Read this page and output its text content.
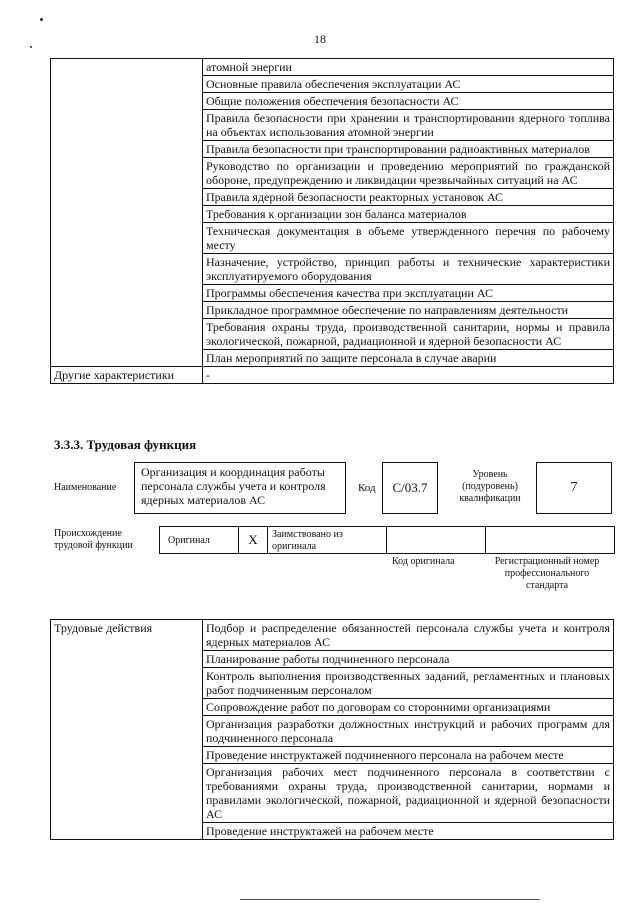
18
	атомной энергии
	Основные правила обеспечения эксплуатации АС
	Общие положения обеспечения безопасности АС
	Правила безопасности при хранении и транспортировании ядерного топлива на объектах использования атомной энергии
	Правила безопасности при транспортировании радиоактивных материалов
	Руководство по организации и проведению мероприятий по гражданской обороне, предупреждению и ликвидации чрезвычайных ситуаций на АС
	Правила ядерной безопасности реакторных установок АС
	Требования к организации зон баланса материалов
	Техническая документация в объеме утвержденного перечня по рабочему месту
	Назначение, устройство, принцип работы и технические характеристики эксплуатируемого оборудования
	Программы обеспечения качества при эксплуатации АС
	Прикладное программное обеспечение по направлениям деятельности
	Требования охраны труда, производственной санитарии, нормы и правила экологической, пожарной, радиационной и ядерной безопасности АС
	План мероприятий по защите персонала в случае аварии
Другие характеристики	-
3.3.3. Трудовая функция
Наименование
Организация и координация работы персонала службы учета и контроля ядерных материалов АС
Код	С/03.7
Уровень
(подуровень)
квалификации
7
Происхождение
трудовой функции	Оригинал	X	Заимствовано из
оригинала
Код оригинала	Регистрационный номер
профессионального
стандарта
Трудовые действия	Подбор и распределение обязанностей персонала службы учета и контроля ядерных материалов АС
Планирование работы подчиненного персонала
Контроль выполнения производственных заданий, регламентных и плановых работ подчиненным персоналом
Сопровождение работ по договорам со сторонними организациями
Организация разработки должностных инструкций и рабочих программ для подчиненного персонала
Проведение инструктажей подчиненного персонала на рабочем месте
Организация рабочих мест подчиненного персонала в соответствии с требованиями охраны труда, производственной санитарии, нормами и правилами экологической, пожарной, радиационной и ядерной безопасности АС
Проведение инструктажей на рабочем месте
